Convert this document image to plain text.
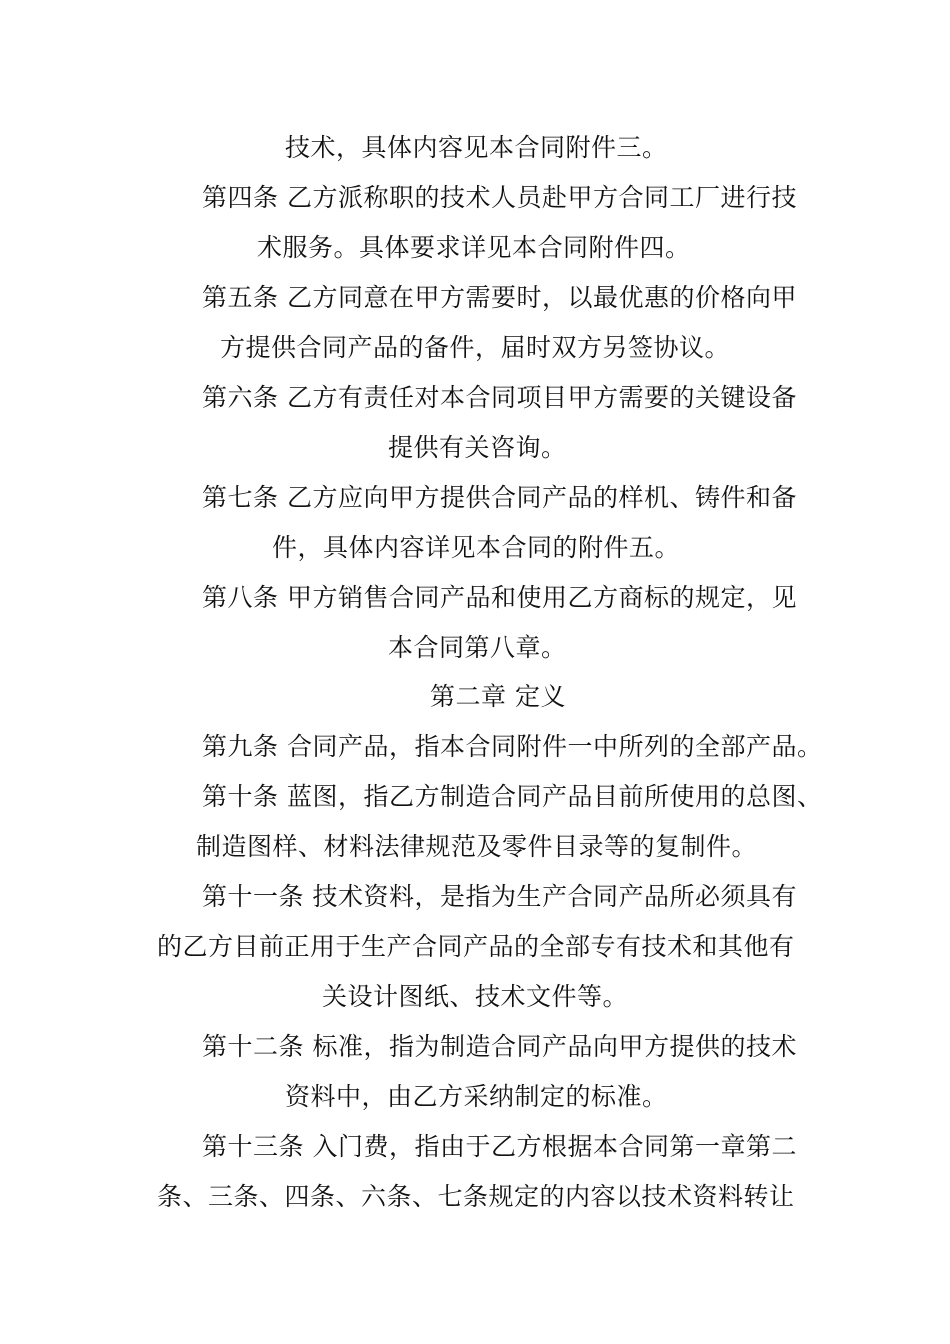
技术，具体内容见本合同附件三。
第四条 乙方派称职的技术人员赴甲方合同工厂进行技
术服务。具体要求详见本合同附件四。
第五条 乙方同意在甲方需要时，以最优惠的价格向甲
方提供合同产品的备件，届时双方另签协议。
第六条 乙方有责任对本合同项目甲方需要的关键设备
提供有关咨询。
第七条 乙方应向甲方提供合同产品的样机、铸件和备
件，具体内容详见本合同的附件五。
第八条 甲方销售合同产品和使用乙方商标的规定，见
本合同第八章。
第二章 定义
第九条 合同产品，指本合同附件一中所列的全部产品。
第十条 蓝图，指乙方制造合同产品目前所使用的总图、
制造图样、材料法律规范及零件目录等的复制件。
第十一条 技术资料，是指为生产合同产品所必须具有
的乙方目前正用于生产合同产品的全部专有技术和其他有
关设计图纸、技术文件等。
第十二条 标准，指为制造合同产品向甲方提供的技术
资料中，由乙方采纳制定的标准。
第十三条 入门费，指由于乙方根据本合同第一章第二
条、三条、四条、六条、七条规定的内容以技术资料转让
